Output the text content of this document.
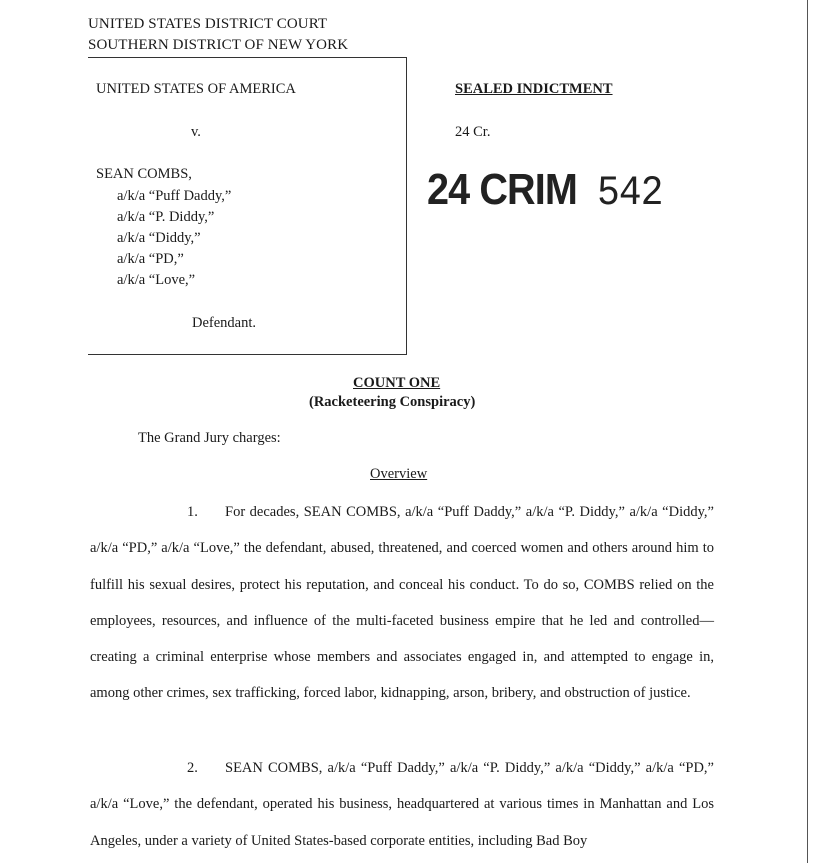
UNITED STATES DISTRICT COURT
SOUTHERN DISTRICT OF NEW YORK
UNITED STATES OF AMERICA
v.
SEAN COMBS,
a/k/a “Puff Daddy,”
a/k/a “P. Diddy,”
a/k/a “Diddy,”
a/k/a “PD,”
a/k/a “Love,”
Defendant.
SEALED INDICTMENT
24 Cr.
24 CRIM 542
COUNT ONE
(Racketeering Conspiracy)
The Grand Jury charges:
Overview

1. For decades, SEAN COMBS, a/k/a “Puff Daddy,” a/k/a “P. Diddy,” a/k/a “Diddy,” a/k/a “PD,” a/k/a “Love,” the defendant, abused, threatened, and coerced women and others around him to fulfill his sexual desires, protect his reputation, and conceal his conduct. To do so, COMBS relied on the employees, resources, and influence of the multi-faceted business empire that he led and controlled—creating a criminal enterprise whose members and associates engaged in, and attempted to engage in, among other crimes, sex trafficking, forced labor, kidnapping, arson, bribery, and obstruction of justice.

2. SEAN COMBS, a/k/a “Puff Daddy,” a/k/a “P. Diddy,” a/k/a “Diddy,” a/k/a “PD,” a/k/a “Love,” the defendant, operated his business, headquartered at various times in Manhattan and Los Angeles, under a variety of United States-based corporate entities, including Bad Boy
